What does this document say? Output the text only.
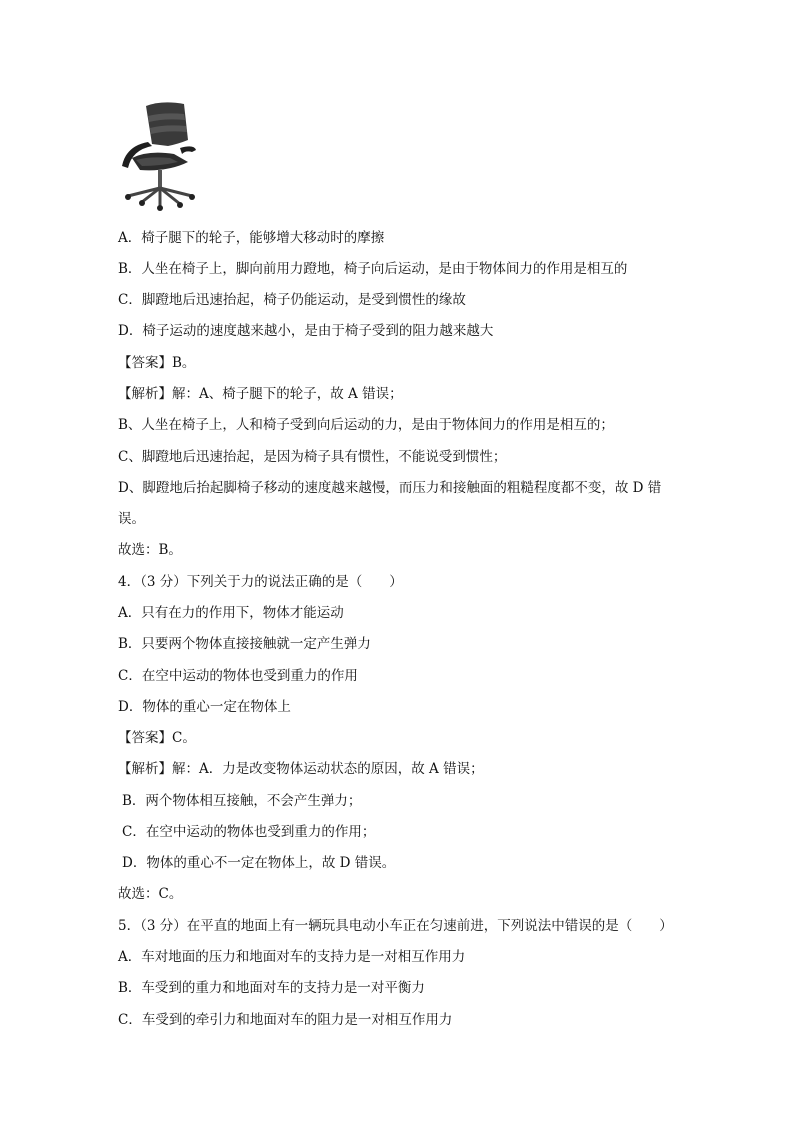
A．椅子腿下的轮子，能够增大移动时的摩擦
B．人坐在椅子上，脚向前用力蹬地，椅子向后运动，是由于物体间力的作用是相互的
C．脚蹬地后迅速抬起，椅子仍能运动，是受到惯性的缘故
D．椅子运动的速度越来越小，是由于椅子受到的阻力越来越大
【答案】B。
【解析】解：A、椅子腿下的轮子，故 A 错误；
B、人坐在椅子上，人和椅子受到向后运动的力，是由于物体间力的作用是相互的；
C、脚蹬地后迅速抬起，是因为椅子具有惯性，不能说受到惯性；
D、脚蹬地后抬起脚椅子移动的速度越来越慢，而压力和接触面的粗糙程度都不变，故 D 错
误。
故选：B。
4．（3 分）下列关于力的说法正确的是（　　）
A．只有在力的作用下，物体才能运动
B．只要两个物体直接接触就一定产生弹力
C．在空中运动的物体也受到重力的作用
D．物体的重心一定在物体上
【答案】C。
【解析】解：A．力是改变物体运动状态的原因，故 A 错误；
B．两个物体相互接触，不会产生弹力；
C．在空中运动的物体也受到重力的作用；
D．物体的重心不一定在物体上，故 D 错误。
故选：C。
5．（3 分）在平直的地面上有一辆玩具电动小车正在匀速前进，下列说法中错误的是（　　）
A．车对地面的压力和地面对车的支持力是一对相互作用力
B．车受到的重力和地面对车的支持力是一对平衡力
C．车受到的牵引力和地面对车的阻力是一对相互作用力
